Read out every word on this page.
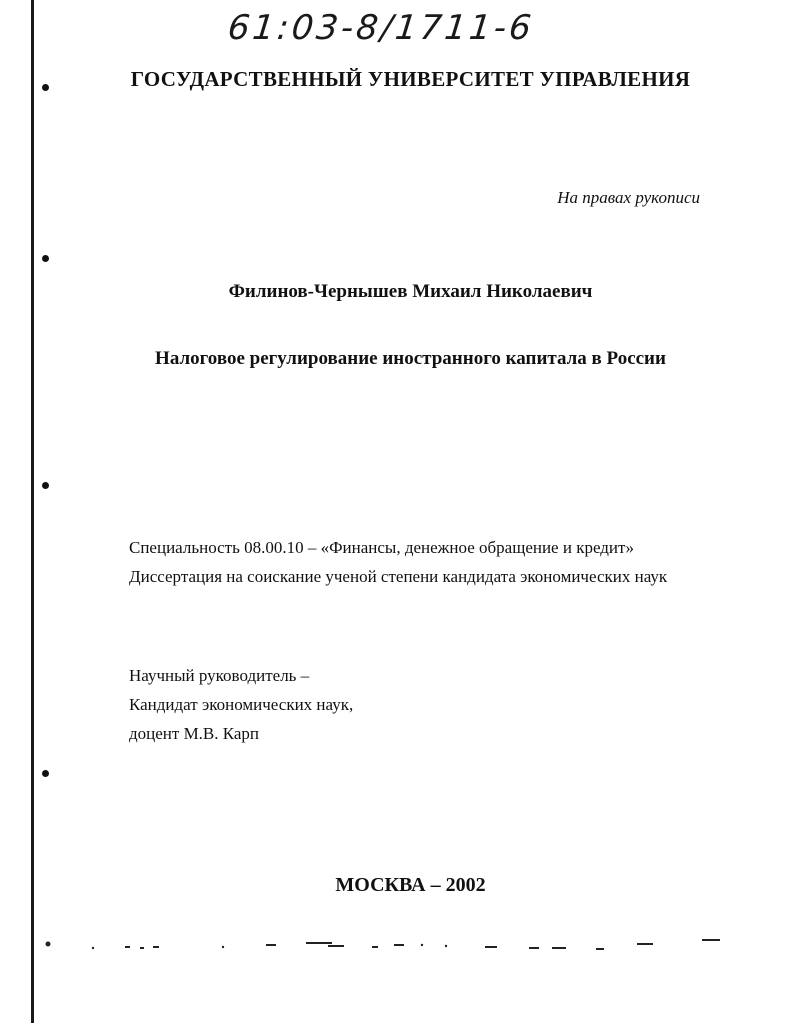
61:03-8/1711-6
ГОСУДАРСТВЕННЫЙ УНИВЕРСИТЕТ УПРАВЛЕНИЯ
На правах рукописи
Филинов-Чернышев Михаил Николаевич
Налоговое регулирование иностранного капитала в России
Специальность 08.00.10 – «Финансы, денежное обращение и кредит»
Диссертация на соискание ученой степени кандидата экономических наук
Научный руководитель –
Кандидат экономических наук,
доцент М.В. Карп
МОСКВА – 2002
